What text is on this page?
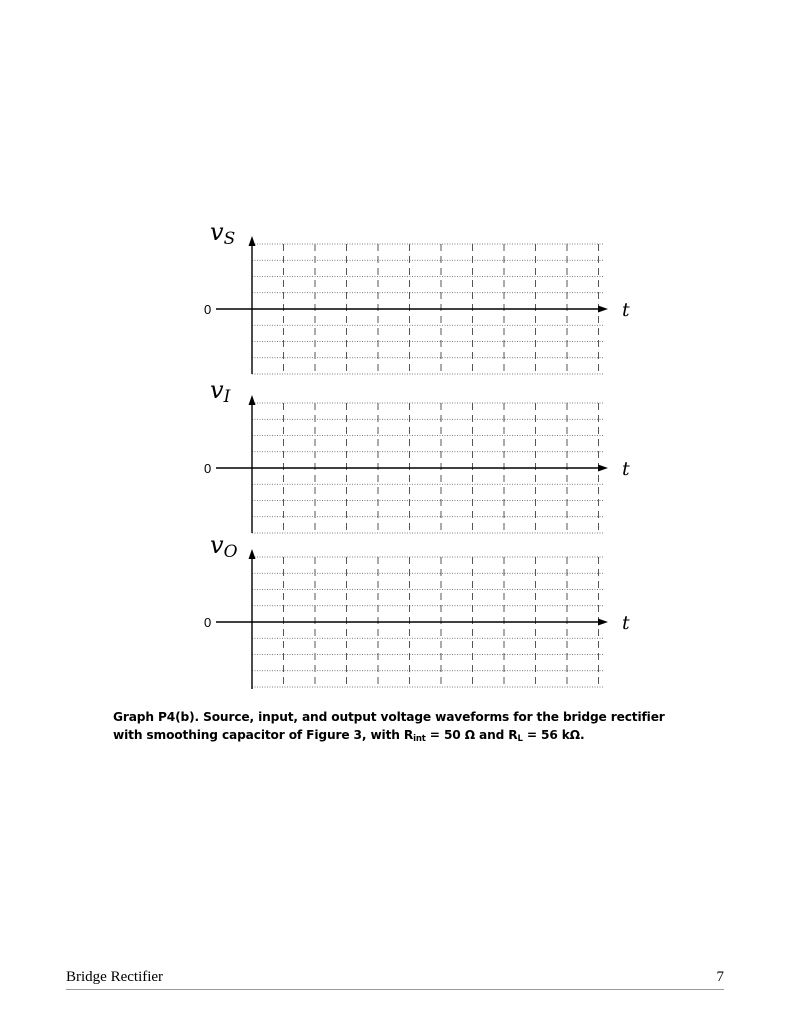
0	t
vS
0	t
vI
0	t
vO
Graph P4(b). Source, input, and output voltage waveforms for the bridge rectifier with smoothing capacitor of Figure 3, with $R_{int} = 50$ Ω and $R_L = 56$ kΩ.
Bridge Rectifier	7
